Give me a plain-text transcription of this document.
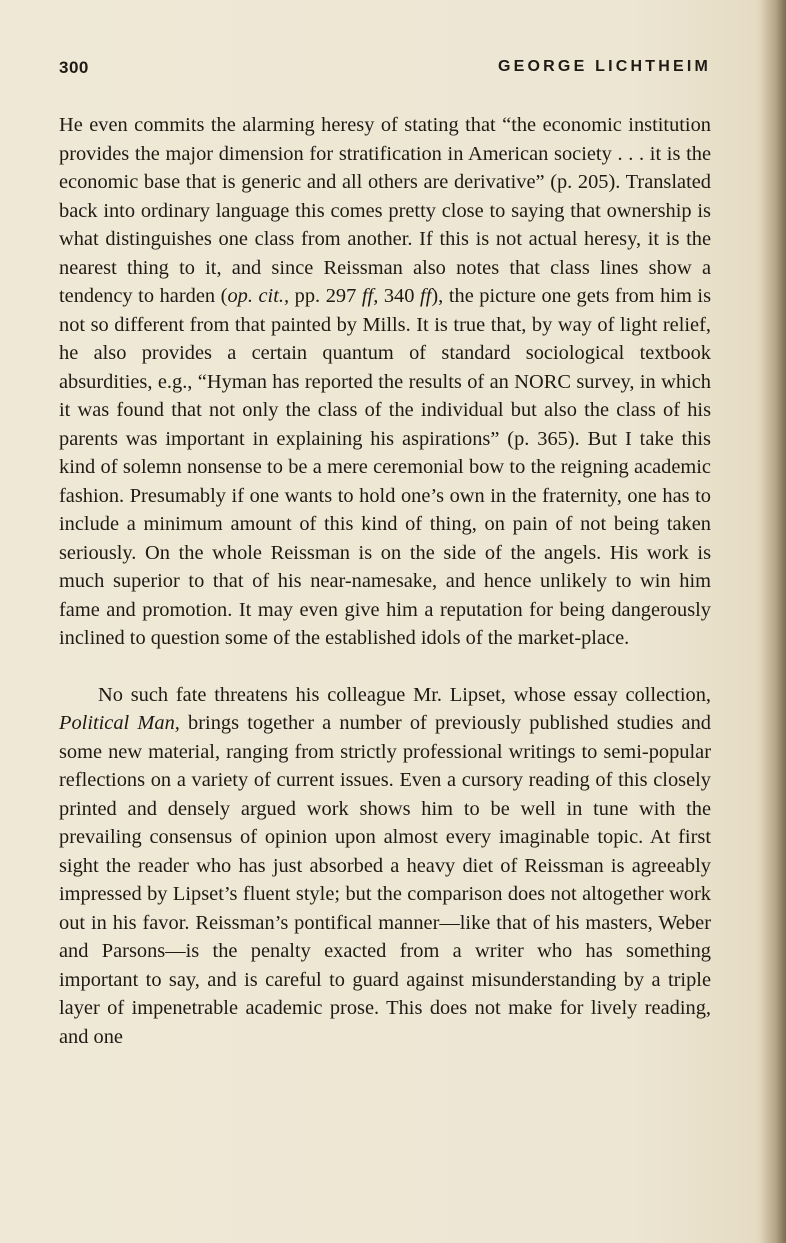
300	GEORGE LICHTHEIM

He even commits the alarming heresy of stating that “the economic institution provides the major dimension for stratification in American society . . . it is the economic base that is generic and all others are derivative” (p. 205). Translated back into ordinary language this comes pretty close to saying that ownership is what distinguishes one class from another. If this is not actual heresy, it is the nearest thing to it, and since Reissman also notes that class lines show a tendency to harden (op. cit., pp. 297 ff, 340 ff), the picture one gets from him is not so different from that painted by Mills. It is true that, by way of light relief, he also provides a certain quantum of standard sociological textbook absurdities, e.g., “Hyman has reported the results of an NORC survey, in which it was found that not only the class of the individual but also the class of his parents was important in explaining his aspirations” (p. 365). But I take this kind of solemn nonsense to be a mere ceremonial bow to the reigning academic fashion. Presumably if one wants to hold one’s own in the fraternity, one has to include a minimum amount of this kind of thing, on pain of not being taken seriously. On the whole Reissman is on the side of the angels. His work is much superior to that of his near-namesake, and hence unlikely to win him fame and promotion. It may even give him a reputation for being dangerously inclined to question some of the established idols of the market-place.

No such fate threatens his colleague Mr. Lipset, whose essay collection, Political Man, brings together a number of previously published studies and some new material, ranging from strictly professional writings to semi-popular reflections on a variety of current issues. Even a cursory reading of this closely printed and densely argued work shows him to be well in tune with the prevailing consensus of opinion upon almost every imaginable topic. At first sight the reader who has just absorbed a heavy diet of Reissman is agreeably impressed by Lipset’s fluent style; but the comparison does not altogether work out in his favor. Reissman’s pontifical manner—like that of his masters, Weber and Parsons—is the penalty exacted from a writer who has something important to say, and is careful to guard against misunderstanding by a triple layer of impenetrable academic prose. This does not make for lively reading, and one
